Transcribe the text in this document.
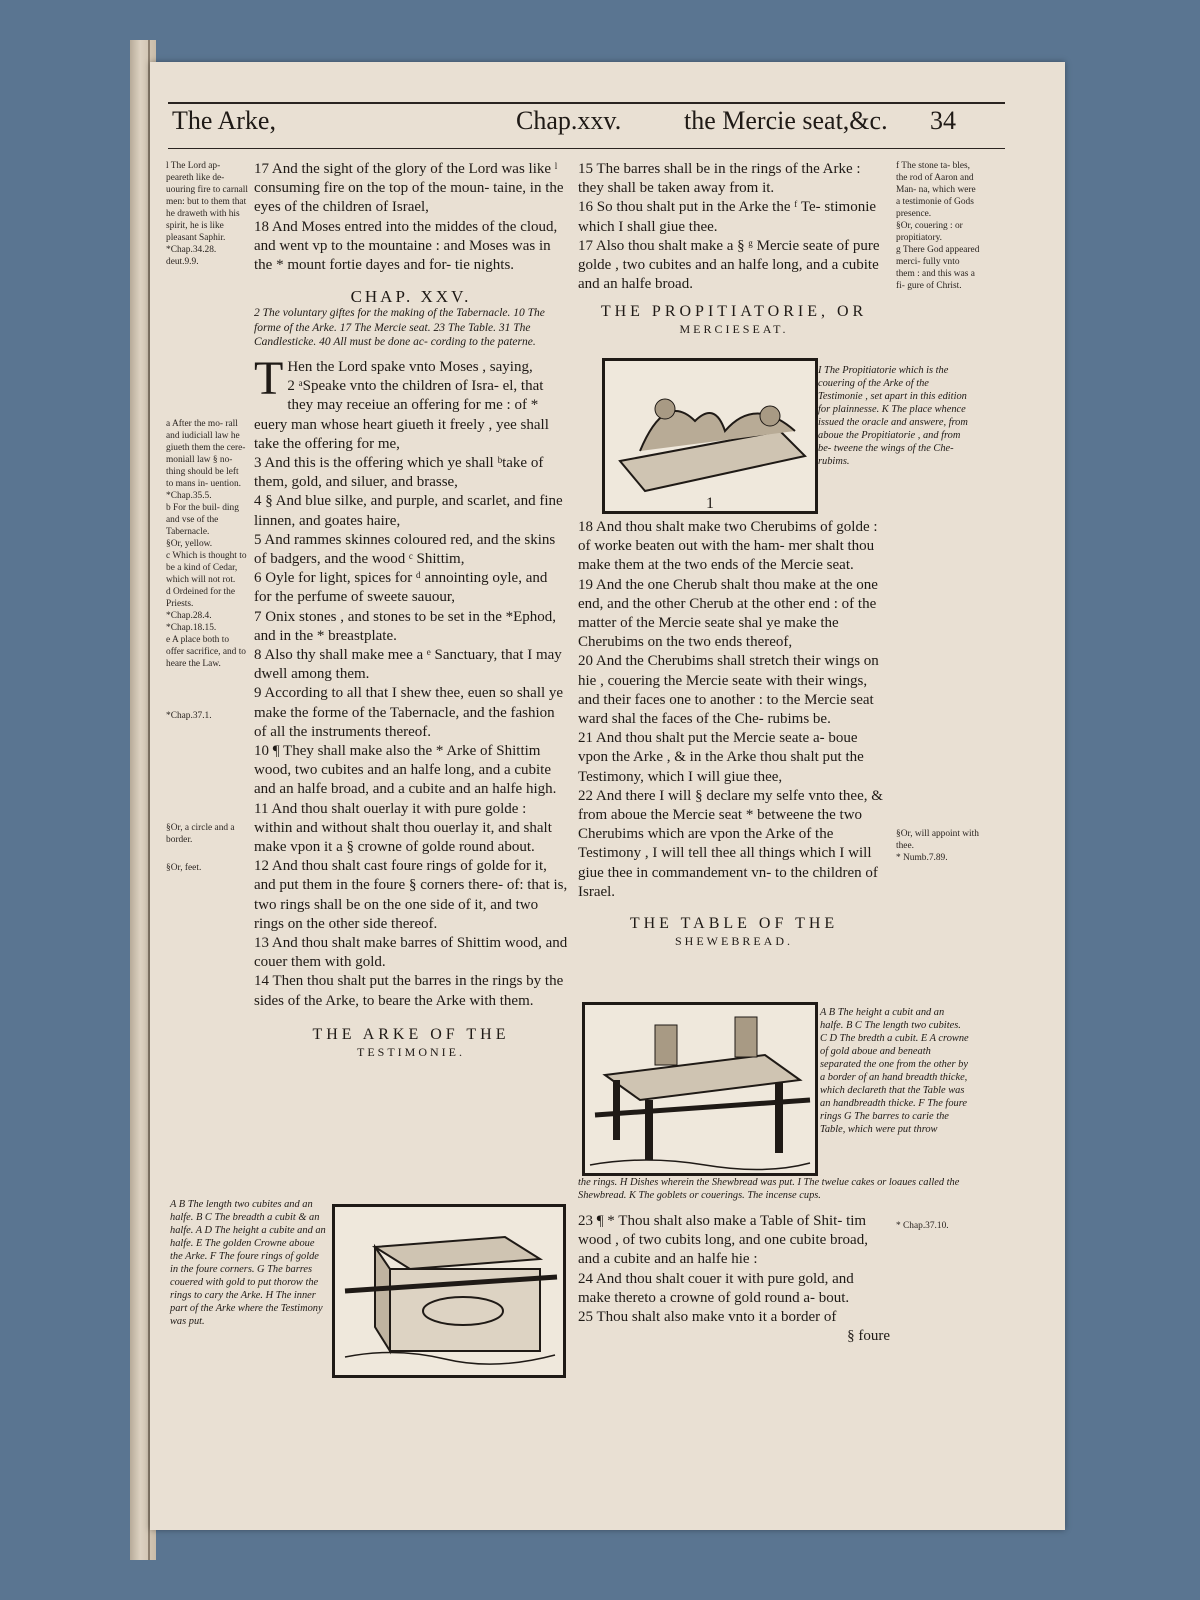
The Arke,	Chap.xxv. the Mercie seat,&c. 34

l The Lord ap- peareth like de- uouring fire to carnall men: but to them that he draweth with his spirit, he is like pleasant Saphir.

*Chap.34.28. deut.9.9.

a After the mo- rall and iudiciall law he giueth them the cere- moniall law § no- thing should be left to mans in- uention.

*Chap.35.5.

b For the buil- ding and vse of the Tabernacle.

§Or, yellow.

c Which is thought to be a kind of Cedar, which will not rot.

d Ordeined for the Priests.

*Chap.28.4.

*Chap.18.15.

e A place both to offer sacrifice, and to heare the Law.

*Chap.37.1.

§Or, a circle and a border.

§Or, feet.

17 And the sight of the glory of the Lord was like ˡ consuming fire on the top of the moun- taine, in the eyes of the children of Israel,

18 And Moses entred into the middes of the cloud, and went vp to the mountaine : and Moses was in the * mount fortie dayes and for- tie nights.

CHAP. XXV.

2 The voluntary giftes for the making of the Tabernacle. 10 The forme of the Arke. 17 The Mercie seat. 23 The Table. 31 The Candlesticke. 40 All must be done ac- cording to the paterne.

T Hen the Lord spake vnto Moses , saying,

2 ᵃSpeake vnto the children of Isra- el, that they may receiue an offering for me : of * euery man whose heart giueth it freely , yee shall take the offering for me,

3 And this is the offering which ye shall ᵇtake of them, gold, and siluer, and brasse,

4 § And blue silke, and purple, and scarlet, and fine linnen, and goates haire,

5 And rammes skinnes coloured red, and the skins of badgers, and the wood ᶜ Shittim,

6 Oyle for light, spices for ᵈ annointing oyle, and for the perfume of sweete sauour,

7 Onix stones , and stones to be set in the *Ephod, and in the * breastplate.

8 Also thy shall make mee a ᵉ Sanctuary, that I may dwell among them.

9 According to all that I shew thee, euen so shall ye make the forme of the Tabernacle, and the fashion of all the instruments thereof.

10 ¶ They shall make also the * Arke of Shittim wood, two cubites and an halfe long, and a cubite and an halfe broad, and a cubite and an halfe high.

11 And thou shalt ouerlay it with pure golde : within and without shalt thou ouerlay it, and shalt make vpon it a § crowne of golde round about.

12 And thou shalt cast foure rings of golde for it, and put them in the foure § corners there- of: that is, two rings shall be on the one side of it, and two rings on the other side thereof.

13 And thou shalt make barres of Shittim wood, and couer them with gold.

14 Then thou shalt put the barres in the rings by the sides of the Arke, to beare the Arke with them.

THE ARKE OF THE

TESTIMONIE.

A B The length two cubites and an halfe. B C The breadth a cubit & an halfe. A D The height a cubite and an halfe. E The golden Crowne aboue the Arke. F The foure rings of golde in the foure corners. G The barres couered with gold to put thorow the rings to cary the Arke. H The inner part of the Arke where the Testimony was put.

15 The barres shall be in the rings of the Arke : they shall be taken away from it.

16 So thou shalt put in the Arke the ᶠ Te- stimonie which I shall giue thee.

17 Also thou shalt make a § ᵍ Mercie seate of pure golde , two cubites and an halfe long, and a cubite and an halfe broad.

THE PROPITIATORIE, OR

MERCIESEAT.

1
I The Propitiatorie which is the couering of the Arke of the Testimonie , set apart in this edition for plainnesse. K The place whence issued the oracle and answere, from aboue the Propitiatorie , and from be- tweene the wings of the Che- rubims.

18 And thou shalt make two Cherubims of golde : of worke beaten out with the ham- mer shalt thou make them at the two ends of the Mercie seat.

19 And the one Cherub shalt thou make at the one end, and the other Cherub at the other end : of the matter of the Mercie seate shal ye make the Cherubims on the two ends thereof,

20 And the Cherubims shall stretch their wings on hie , couering the Mercie seate with their wings, and their faces one to another : to the Mercie seat ward shal the faces of the Che- rubims be.

21 And thou shalt put the Mercie seate a- boue vpon the Arke , & in the Arke thou shalt put the Testimony, which I will giue thee,

22 And there I will § declare my selfe vnto thee, & from aboue the Mercie seat * betweene the two Cherubims which are vpon the Arke of the Testimony , I will tell thee all things which I will giue thee in commandement vn- to the children of Israel.

THE TABLE OF THE

SHEWEBREAD.

A B The height a cubit and an halfe. B C The length two cubites. C D The bredth a cubit. E A crowne of gold aboue and beneath separated the one from the other by a border of an hand breadth thicke, which declareth that the Table was an handbreadth thicke. F The foure rings G The barres to carie the Table, which were put throw
the rings. H Dishes wherein the Shewbread was put. I The twelue cakes or loaues called the Shewbread. K The goblets or couerings. The incense cups.

23 ¶ * Thou shalt also make a Table of Shit- tim wood , of two cubits long, and one cubite broad, and a cubite and an halfe hie :

24 And thou shalt couer it with pure gold, and make thereto a crowne of gold round a- bout.

25 Thou shalt also make vnto it a border of

§ foure

f The stone ta- bles, the rod of Aaron and Man- na, which were a testimonie of Gods presence.

§Or, couering : or propitiatory.

g There God appeared merci- fully vnto them : and this was a fi- gure of Christ.

§Or, will appoint with thee.

* Numb.7.89.

* Chap.37.10.
